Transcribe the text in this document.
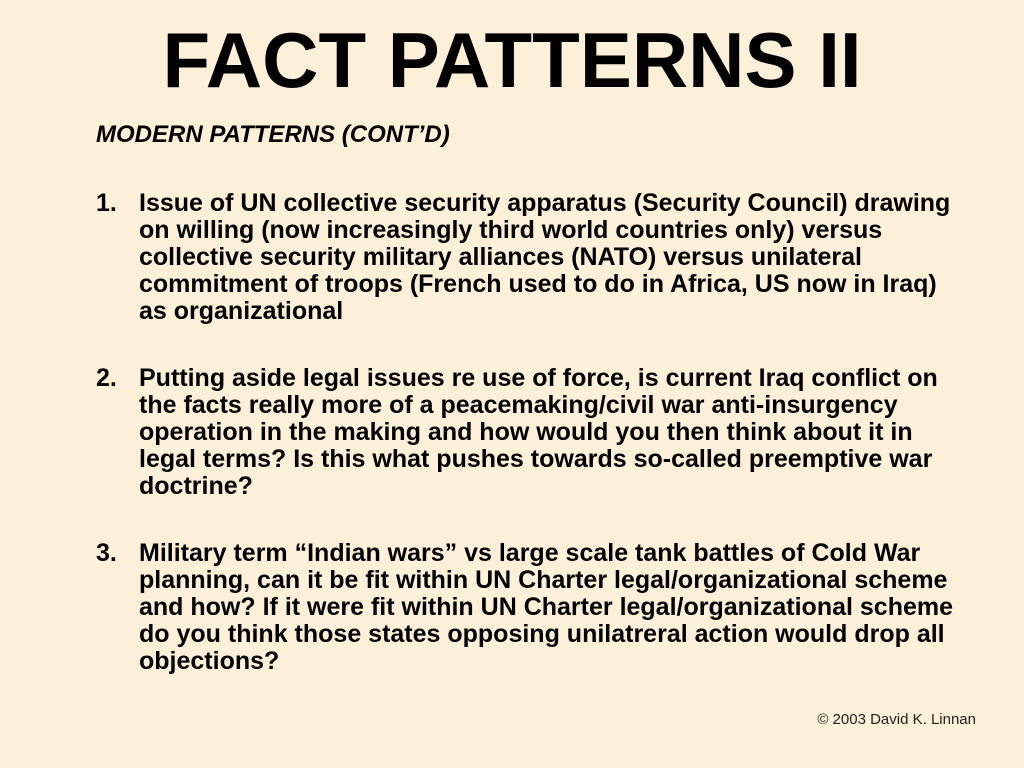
FACT PATTERNS II

MODERN PATTERNS (CONT’D)

1. Issue of UN collective security apparatus (Security Council) drawing on willing (now increasingly third world countries only) versus collective security military alliances (NATO) versus unilateral commitment of troops (French used to do in Africa, US now in Iraq) as organizational
2. Putting aside legal issues re use of force, is current Iraq conflict on the facts really more of a peacemaking/civil war anti-insurgency operation in the making and how would you then think about it in legal terms? Is this what pushes towards so-called preemptive war doctrine?
3. Military term “Indian wars” vs large scale tank battles of Cold War planning, can it be fit within UN Charter legal/organizational scheme and how? If it were fit within UN Charter legal/organizational scheme do you think those states opposing unilatreral action would drop all objections?
© 2003 David K. Linnan
